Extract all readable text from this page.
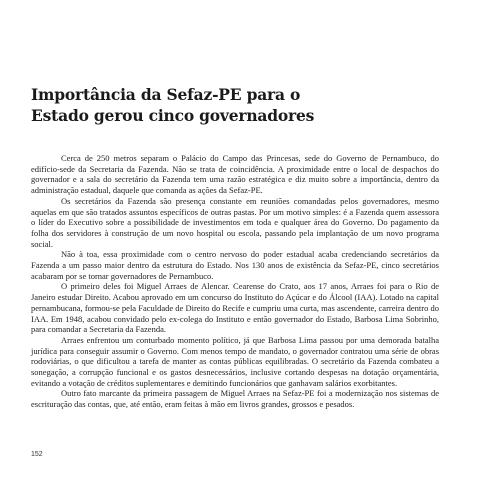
Importância da Sefaz-PE para o
Estado gerou cinco governadores

Cerca de 250 metros separam o Palácio do Campo das Princesas, sede do Governo de Pernambuco, do edifício-sede da Secretaria da Fazenda. Não se trata de coincidência. A proximidade entre o local de despachos do governador e a sala do secretário da Fazenda tem uma razão estratégica e diz muito sobre a importância, dentro da administração estadual, daquele que comanda as ações da Sefaz-PE.

Os secretários da Fazenda são presença constante em reuniões comandadas pelos governadores, mesmo aquelas em que são tratados assuntos específicos de outras pastas. Por um motivo simples: é a Fazenda quem assessora o líder do Executivo sobre a possibilidade de investimentos em toda e qualquer área do Governo. Do pagamento da folha dos servidores à construção de um novo hospital ou escola, passando pela implantação de um novo programa social.

Não à toa, essa proximidade com o centro nervoso do poder estadual acaba credenciando secretários da Fazenda a um passo maior dentro da estrutura do Estado. Nos 130 anos de existência da Sefaz-PE, cinco secretários acabaram por se tornar governadores de Pernambuco.

O primeiro deles foi Miguel Arraes de Alencar. Cearense do Crato, aos 17 anos, Arraes foi para o Rio de Janeiro estudar Direito. Acabou aprovado em um concurso do Instituto do Açúcar e do Álcool (IAA). Lotado na capital pernambucana, formou-se pela Faculdade de Direito do Recife e cumpriu uma curta, mas ascendente, carreira dentro do IAA. Em 1948, acabou convidado pelo ex-colega do Instituto e então governador do Estado, Barbosa Lima Sobrinho, para comandar a Secretaria da Fazenda.

Arraes enfrentou um conturbado momento político, já que Barbosa Lima passou por uma demorada batalha jurídica para conseguir assumir o Governo. Com menos tempo de mandato, o governador contratou uma série de obras rodoviárias, o que dificultou a tarefa de manter as contas públicas equilibradas. O secretário da Fazenda combateu a sonegação, a corrupção funcional e os gastos desnecessários, inclusive cortando despesas na dotação orçamentária, evitando a votação de créditos suplementares e demitindo funcionários que ganhavam salários exorbitantes.

Outro fato marcante da primeira passagem de Miguel Arraes na Sefaz-PE foi a modernização nos sistemas de escrituração das contas, que, até então, eram feitas à mão em livros grandes, grossos e pesados.

152
